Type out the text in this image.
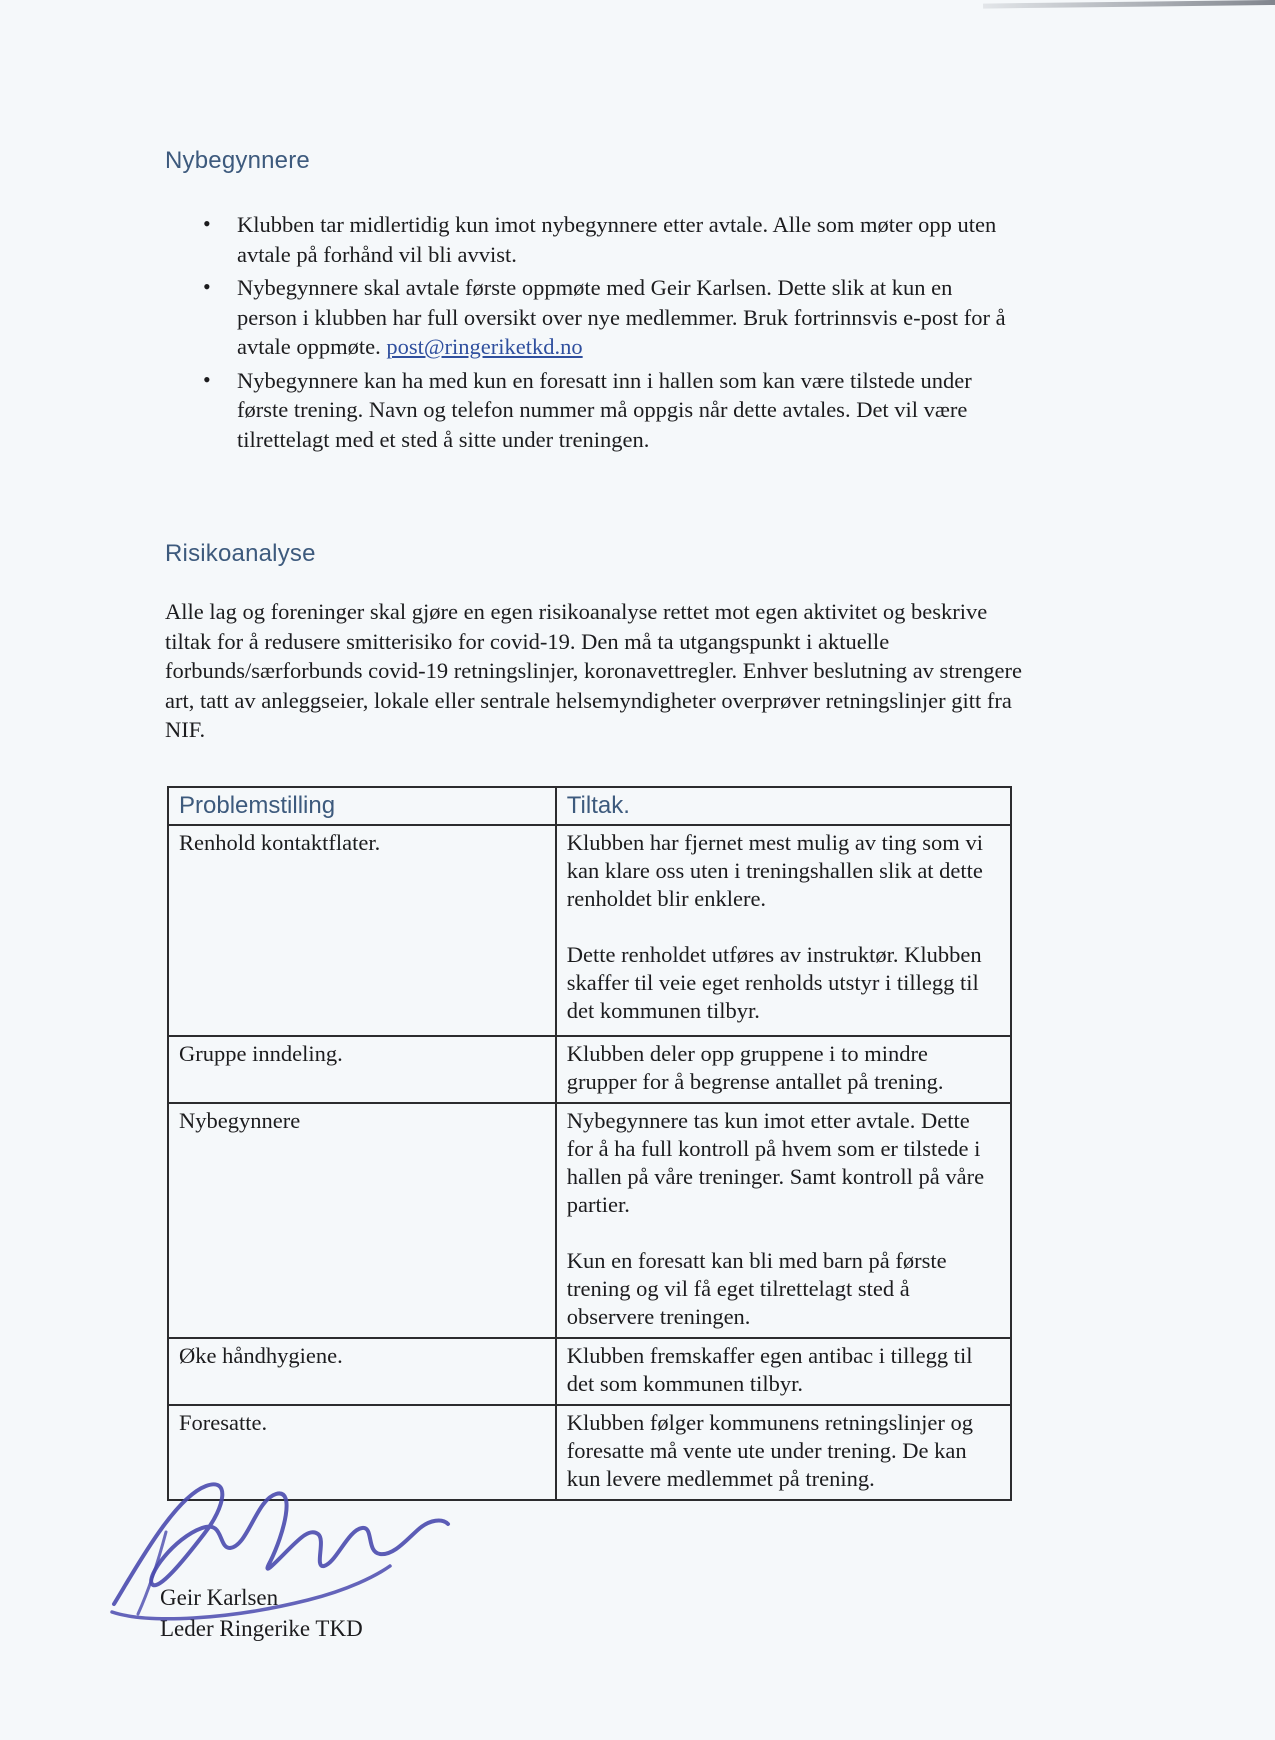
Nybegynnere
• Klubben tar midlertidig kun imot nybegynnere etter avtale. Alle som møter opp uten avtale på forhånd vil bli avvist.
• Nybegynnere skal avtale første oppmøte med Geir Karlsen. Dette slik at kun en person i klubben har full oversikt over nye medlemmer. Bruk fortrinnsvis e-post for å avtale oppmøte. post@ringeriketkd.no
• Nybegynnere kan ha med kun en foresatt inn i hallen som kan være tilstede under første trening. Navn og telefon nummer må oppgis når dette avtales. Det vil være tilrettelagt med et sted å sitte under treningen.
Risikoanalyse
Alle lag og foreninger skal gjøre en egen risikoanalyse rettet mot egen aktivitet og beskrive tiltak for å redusere smitterisiko for covid-19. Den må ta utgangspunkt i aktuelle forbunds/særforbunds covid-19 retningslinjer, koronavettregler. Enhver beslutning av strengere art, tatt av anleggseier, lokale eller sentrale helsemyndigheter overprøver retningslinjer gitt fra NIF.
Problemstilling	Tiltak.

Renhold kontaktflater.	Klubben har fjernet mest mulig av ting som vi kan klare oss uten i treningshallen slik at dette renholdet blir enklere.

Dette renholdet utføres av instruktør. Klubben skaffer til veie eget renholds utstyr i tillegg til det kommunen tilbyr.

Gruppe inndeling.	Klubben deler opp gruppene i to mindre grupper for å begrense antallet på trening.

Nybegynnere	Nybegynnere tas kun imot etter avtale. Dette for å ha full kontroll på hvem som er tilstede i hallen på våre treninger. Samt kontroll på våre partier.

Kun en foresatt kan bli med barn på første trening og vil få eget tilrettelagt sted å observere treningen.

Øke håndhygiene.	Klubben fremskaffer egen antibac i tillegg til det som kommunen tilbyr.

Foresatte.	Klubben følger kommunens retningslinjer og foresatte må vente ute under trening. De kan kun levere medlemmet på trening.

Geir Karlsen
Leder Ringerike TKD
